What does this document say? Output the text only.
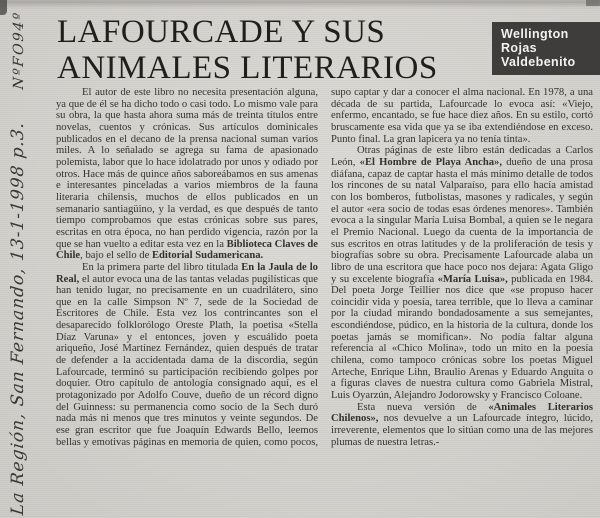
La Región, San Fernando, 13-1-1998 p.3. NºFO94º LAFOURCADE Y SUS
ANIMALES LITERARIOS
Wellington
Rojas
Valdebenito

El autor de este libro no necesita presentación alguna, ya que de él se ha dicho todo o casi todo. Lo mismo vale para su obra, la que hasta ahora suma más de treinta títulos entre novelas, cuentos y crónicas. Sus artículos dominicales publicados en el decano de la prensa nacional suman varios miles. A lo señalado se agrega su fama de apasionado polemista, labor que lo hace idolatrado por unos y odiado por otros. Hace más de quince años saboreábamos en sus amenas e interesantes pinceladas a varios miembros de la fauna literaria chilensis, muchos de ellos publicados en un semanario santiagüino, y la verdad, es que después de tanto tiempo comprobamos que estas crónicas sobre sus pares, escritas en otra época, no han perdido vigencia, razón por la que se han vuelto a editar esta vez en la Biblioteca Claves de Chile, bajo el sello de Editorial Sudamericana.

En la primera parte del libro titulada En la Jaula de lo Real, el autor evoca una de las tantas veladas pugilísticas que han tenido lugar, no precisamente en un cuadrilátero, sino que en la calle Simpson Nº 7, sede de la Sociedad de Escritores de Chile. Esta vez los contrincantes son el desaparecido folklorólogo Oreste Plath, la poetisa «Stella Díaz Varuna» y el entonces, joven y escuálido poeta ariqueño, José Martínez Fernández, quien después de tratar de defender a la accidentada dama de la discordia, según Lafourcade, terminó su participación recibiendo golpes por doquier. Otro capítulo de antología consignado aquí, es el protagonizado por Adolfo Couve, dueño de un récord digno del Guinness: su permanencia como socio de la Sech duró nada más ni menos que tres minutos y veinte segundos. De ese gran escritor que fue Joaquín Edwards Bello, leemos bellas y emotivas páginas en memoria de quien, como pocos, supo captar y dar a conocer el alma nacional. En 1978, a una década de su partida, Lafourcade lo evoca así: «Viejo, enfermo, encantado, se fue hace diez años. En su estilo, cortó bruscamente esa vida que ya se iba extendiéndose en exceso. Punto final. La gran lapicera ya no tenía tinta».

Otras páginas de este libro están dedicadas a Carlos León, «El Hombre de Playa Ancha», dueño de una prosa diáfana, capaz de captar hasta el más mínimo detalle de todos los rincones de su natal Valparaíso, para ello hacía amistad con los bomberos, futbolistas, masones y radicales, y según el autor «era socio de todas esas órdenes menores». También evoca a la singular María Luisa Bombal, a quien se le negara el Premio Nacional. Luego da cuenta de la importancia de sus escritos en otras latitudes y de la proliferación de tesis y biografías sobre su obra. Precisamente Lafourcade alaba un libro de una escritora que hace poco nos dejara: Agata Gligo y su excelente biografía «María Luisa», publicada en 1984. Del poeta Jorge Teillier nos dice que «se propuso hacer coincidir vida y poesía, tarea terrible, que lo lleva a caminar por la ciudad mirando bondadosamente a sus semejantes, escondiéndose, púdico, en la historia de la cultura, donde los poetas jamás se momifican». No podía faltar alguna referencia al «Chico Molina», todo un mito en la poesía chilena, como tampoco crónicas sobre los poetas Miguel Arteche, Enrique Lihn, Braulio Arenas y Eduardo Anguita o a figuras claves de nuestra cultura como Gabriela Mistral, Luis Oyarzún, Alejandro Jodorowsky y Francisco Coloane.

Esta nueva versión de «Animales Literarios Chilenos», nos devuelve a un Lafourcade íntegro, lúcido, irreverente, elementos que lo sitúan como una de las mejores plumas de nuestra letras.-
